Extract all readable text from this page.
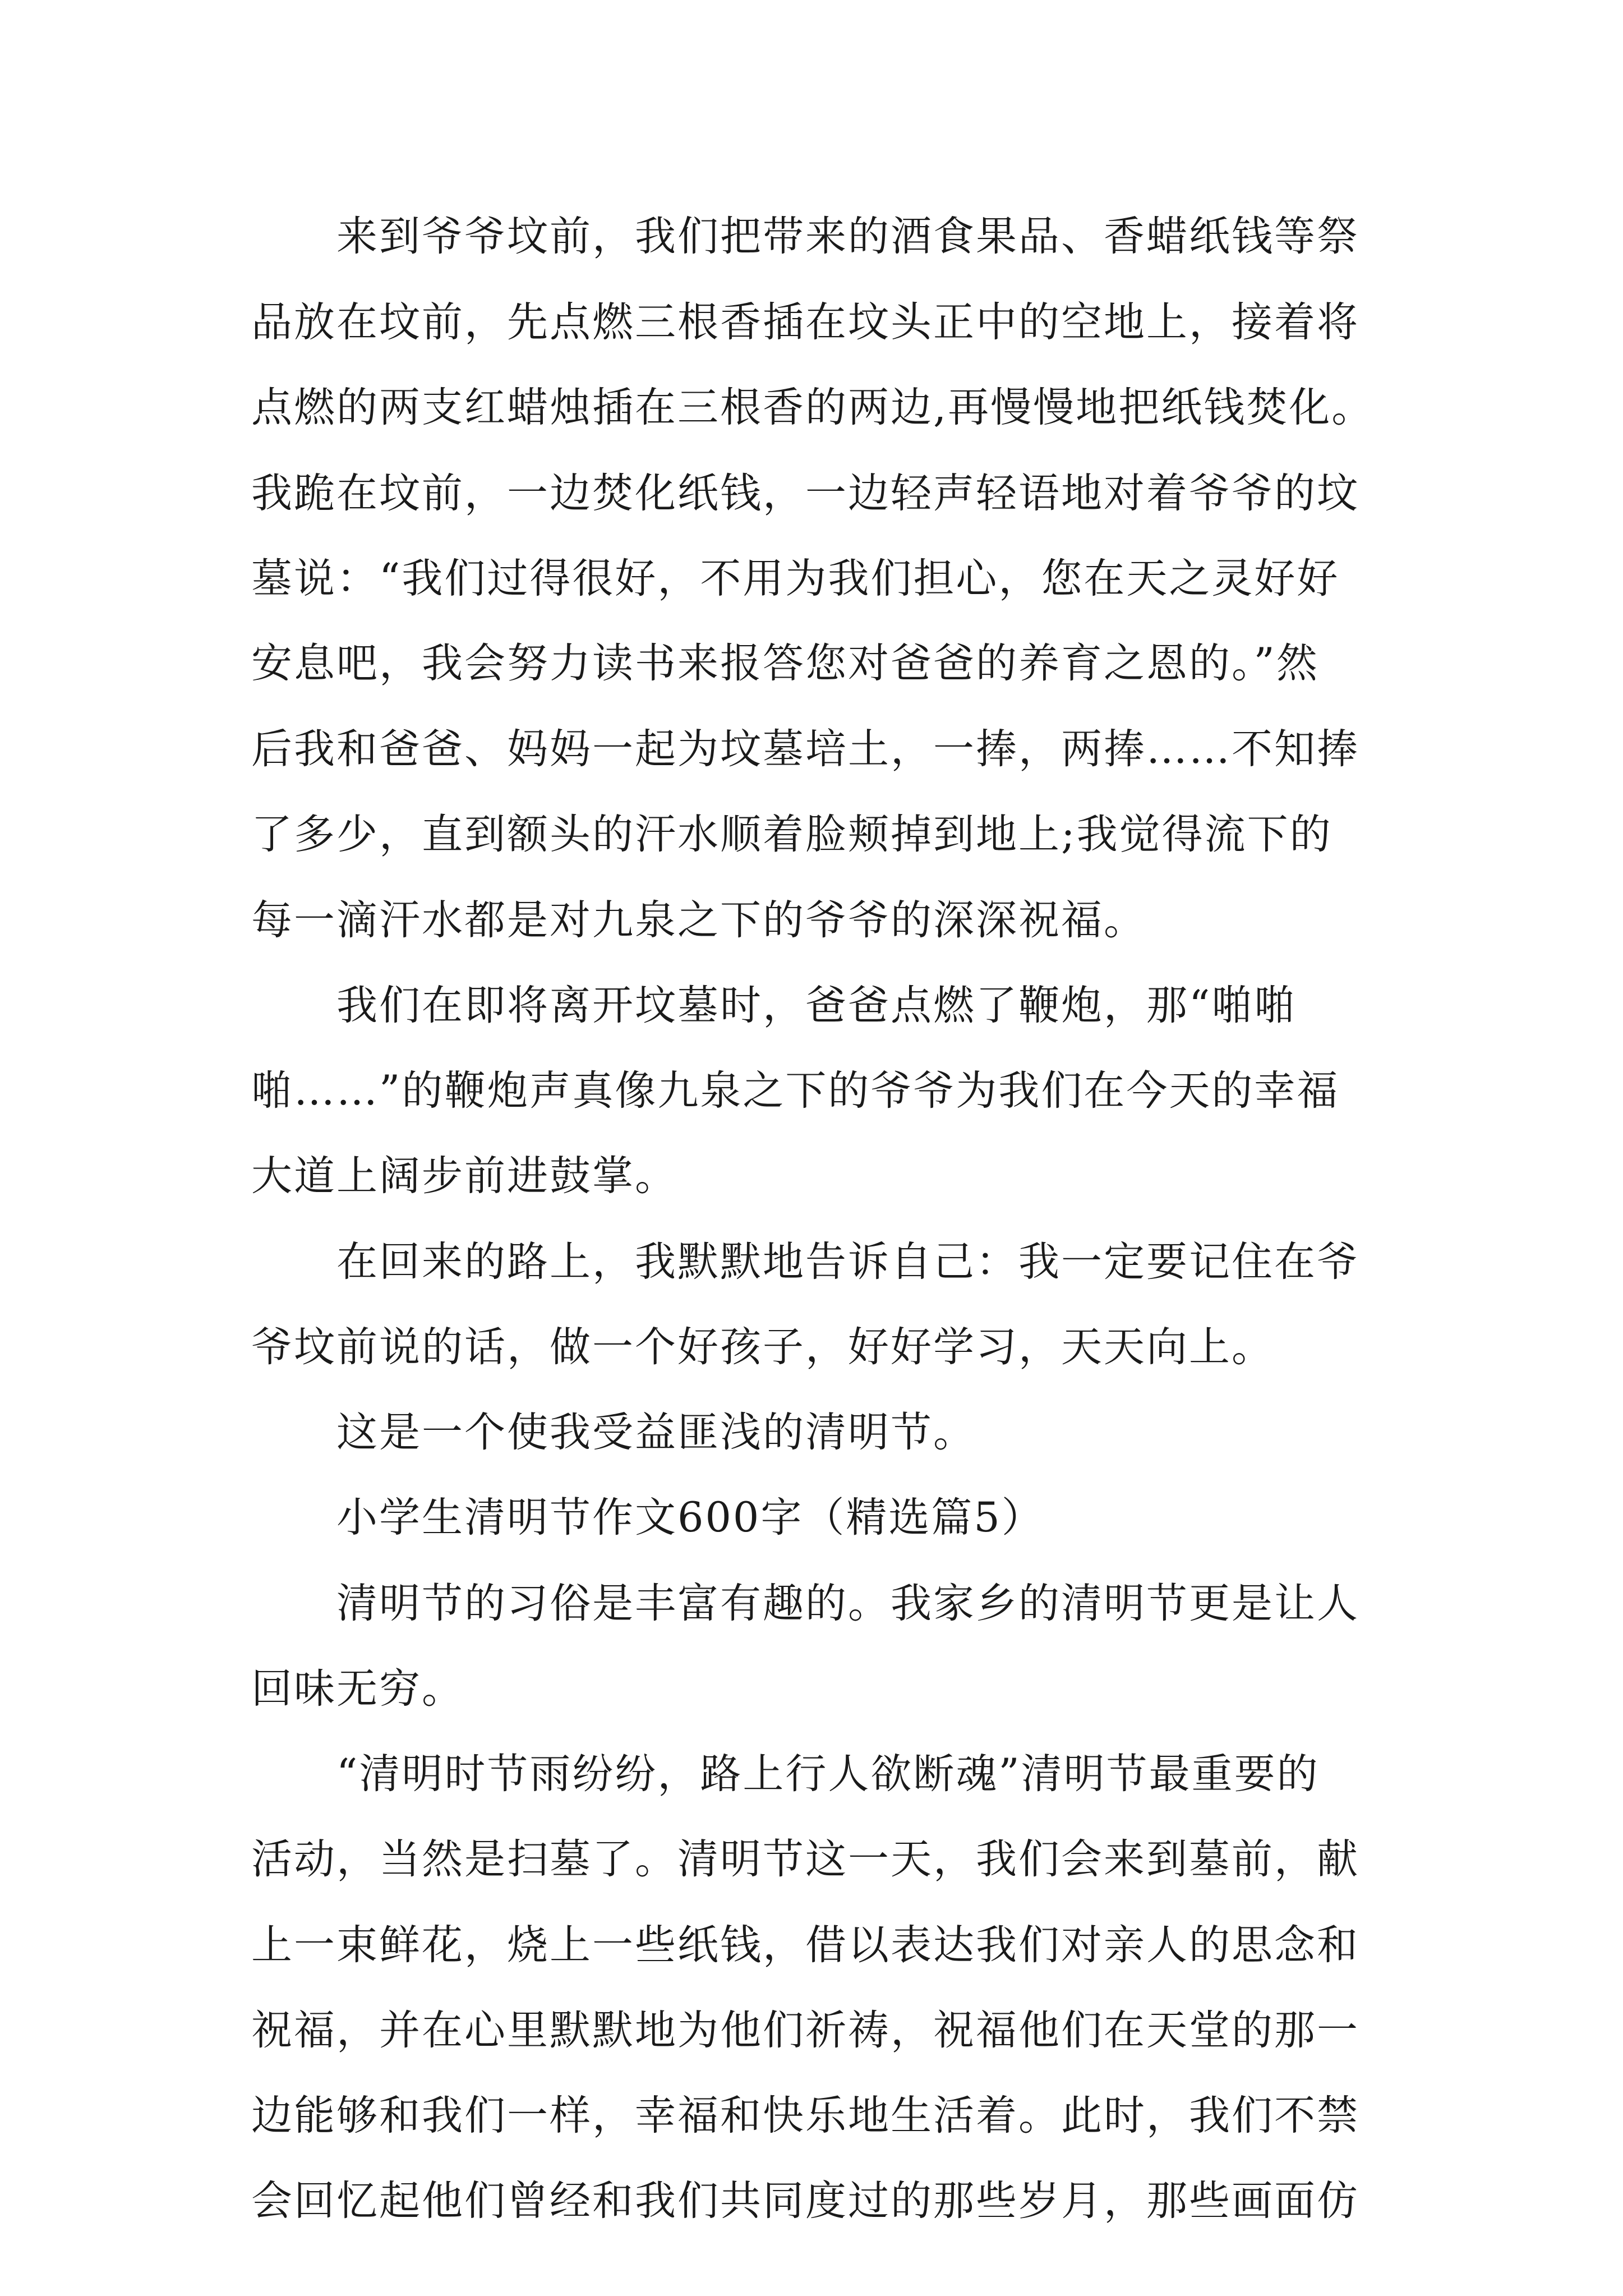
来到爷爷坟前，我们把带来的酒食果品、香蜡纸钱等祭
品放在坟前，先点燃三根香插在坟头正中的空地上，接着将
点燃的两支红蜡烛插在三根香的两边,再慢慢地把纸钱焚化。
我跪在坟前，一边焚化纸钱，一边轻声轻语地对着爷爷的坟
墓说：“我们过得很好，不用为我们担心，您在天之灵好好
安息吧，我会努力读书来报答您对爸爸的养育之恩的。”然
后我和爸爸、妈妈一起为坟墓培土，一捧，两捧……不知捧
了多少，直到额头的汗水顺着脸颊掉到地上;我觉得流下的
每一滴汗水都是对九泉之下的爷爷的深深祝福。
我们在即将离开坟墓时，爸爸点燃了鞭炮，那“啪啪
啪……”的鞭炮声真像九泉之下的爷爷为我们在今天的幸福
大道上阔步前进鼓掌。
在回来的路上，我默默地告诉自己：我一定要记住在爷
爷坟前说的话，做一个好孩子，好好学习，天天向上。
这是一个使我受益匪浅的清明节。
小学生清明节作文600字（精选篇5）
清明节的习俗是丰富有趣的。我家乡的清明节更是让人
回味无穷。
“清明时节雨纷纷，路上行人欲断魂”清明节最重要的
活动，当然是扫墓了。清明节这一天，我们会来到墓前，献
上一束鲜花，烧上一些纸钱，借以表达我们对亲人的思念和
祝福，并在心里默默地为他们祈祷，祝福他们在天堂的那一
边能够和我们一样，幸福和快乐地生活着。此时，我们不禁
会回忆起他们曾经和我们共同度过的那些岁月，那些画面仿
